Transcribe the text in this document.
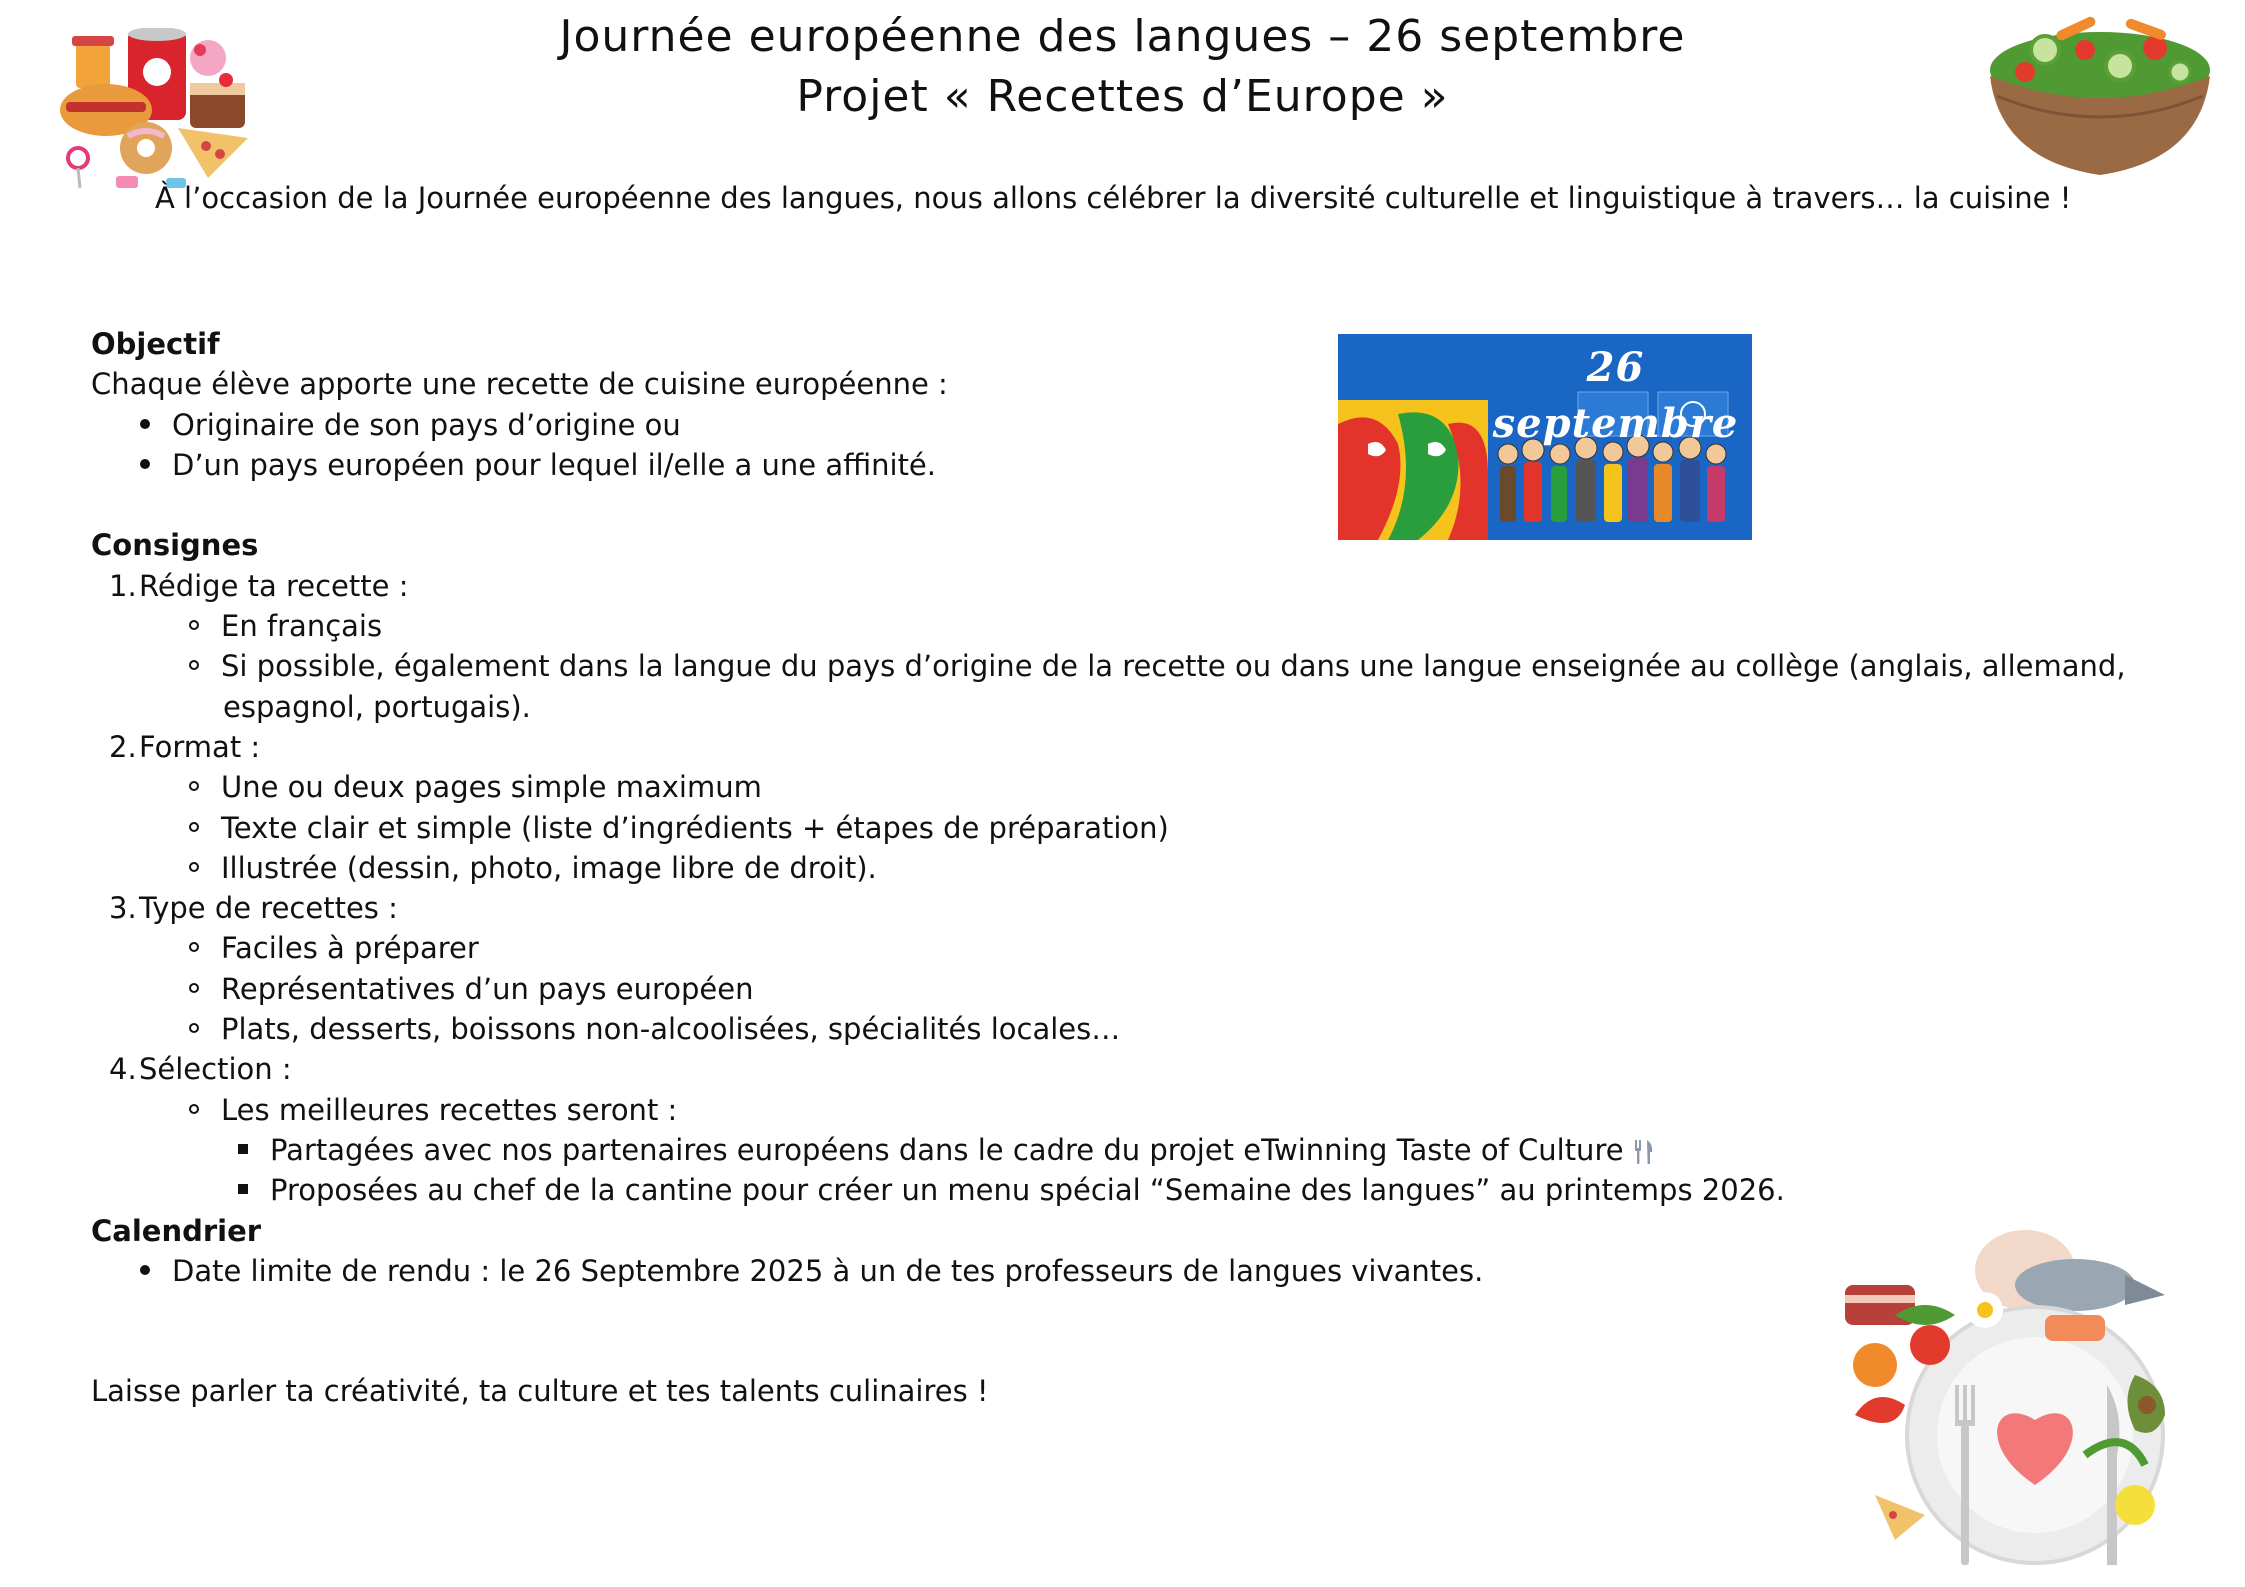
Journée européenne des langues – 26 septembre
Projet « Recettes d’Europe »
À l’occasion de la Journée européenne des langues, nous allons célébrer la diversité culturelle et linguistique à travers… la cuisine !
26 septembre
Objectif
Chaque élève apporte une recette de cuisine européenne :
Originaire de son pays d’origine ou
D’un pays européen pour lequel il/elle a une affinité.
Consignes
1.Rédige ta recette :
En français
Si possible, également dans la langue du pays d’origine de la recette ou dans une langue enseignée au collège (anglais, allemand,
espagnol, portugais).
2.Format :
Une ou deux pages simple maximum
Texte clair et simple (liste d’ingrédients + étapes de préparation)
Illustrée (dessin, photo, image libre de droit).
3.Type de recettes :
Faciles à préparer
Représentatives d’un pays européen
Plats, desserts, boissons non-alcoolisées, spécialités locales…
4.Sélection :
Les meilleures recettes seront :
Partagées avec nos partenaires européens dans le cadre du projet eTwinning Taste of Culture
Proposées au chef de la cantine pour créer un menu spécial “Semaine des langues” au printemps 2026.
Calendrier
Date limite de rendu : le 26 Septembre 2025 à un de tes professeurs de langues vivantes.
Laisse parler ta créativité, ta culture et tes talents culinaires !
